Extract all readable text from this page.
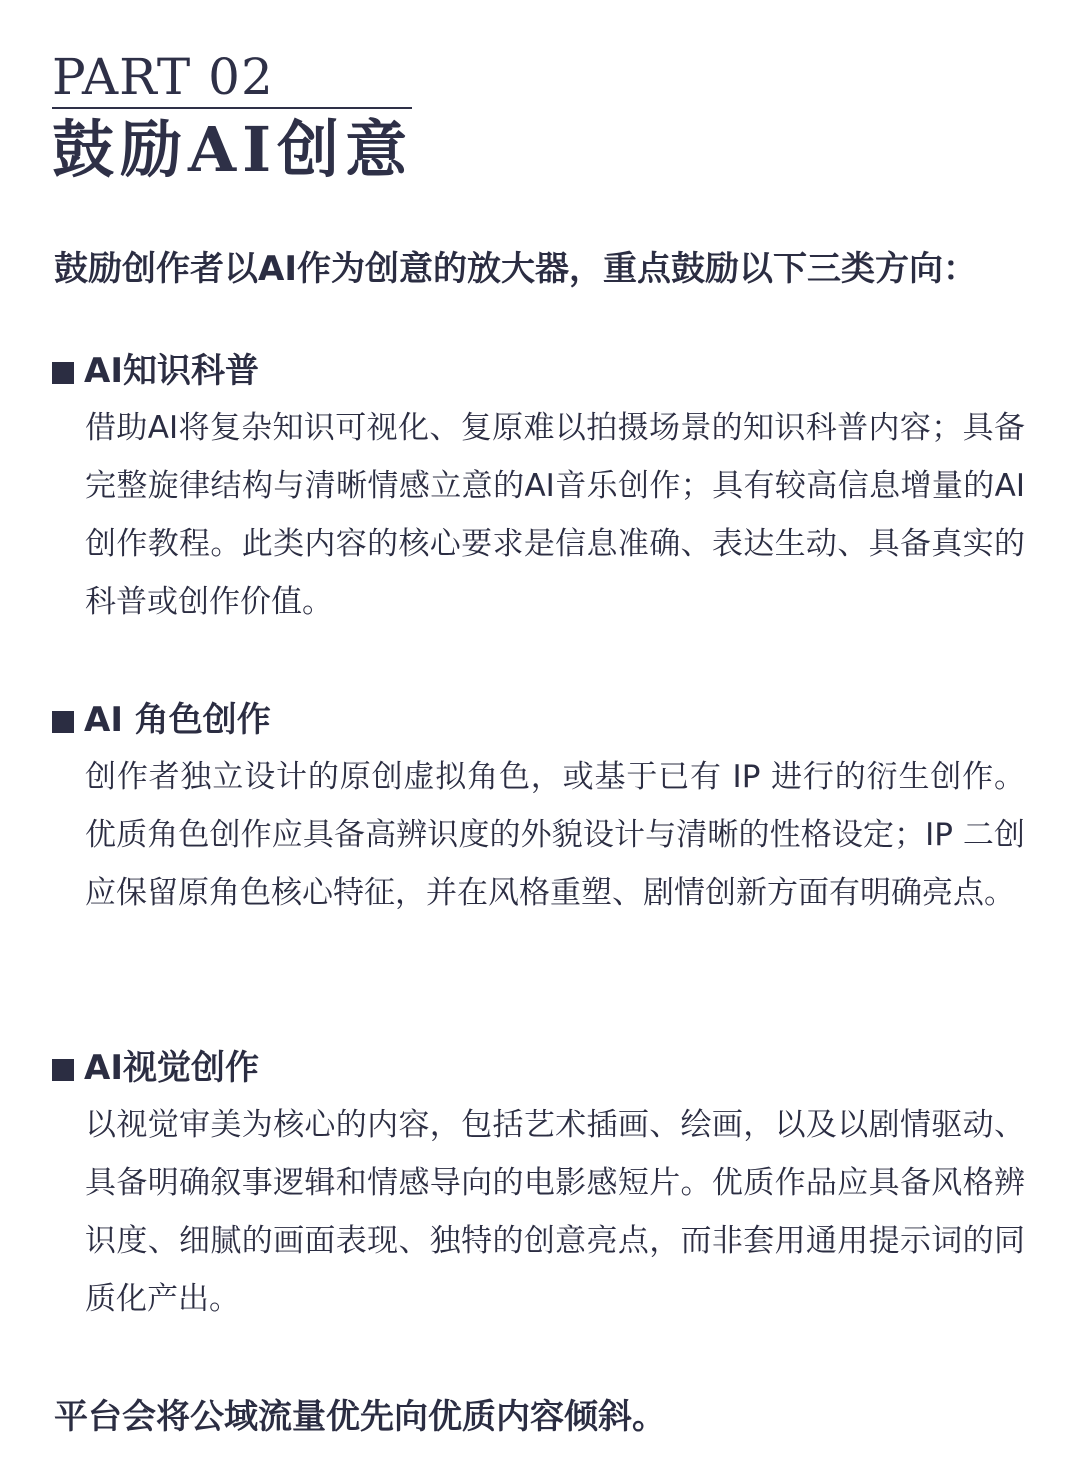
PART 02
鼓励AI创意
鼓励创作者以AI作为创意的放大器，重点鼓励以下三类方向：
AI知识科普
借助AI将复杂知识可视化、复原难以拍摄场景的知识科普内容；具备完整旋律结构与清晰情感立意的AI音乐创作；具有较高信息增量的AI创作教程。此类内容的核心要求是信息准确、表达生动、具备真实的科普或创作价值。
AI 角色创作
创作者独立设计的原创虚拟角色，或基于已有 IP 进行的衍生创作。优质角色创作应具备高辨识度的外貌设计与清晰的性格设定；IP 二创应保留原角色核心特征，并在风格重塑、剧情创新方面有明确亮点。
AI视觉创作
以视觉审美为核心的内容，包括艺术插画、绘画，以及以剧情驱动、具备明确叙事逻辑和情感导向的电影感短片。优质作品应具备风格辨识度、细腻的画面表现、独特的创意亮点，而非套用通用提示词的同质化产出。
平台会将公域流量优先向优质内容倾斜。
